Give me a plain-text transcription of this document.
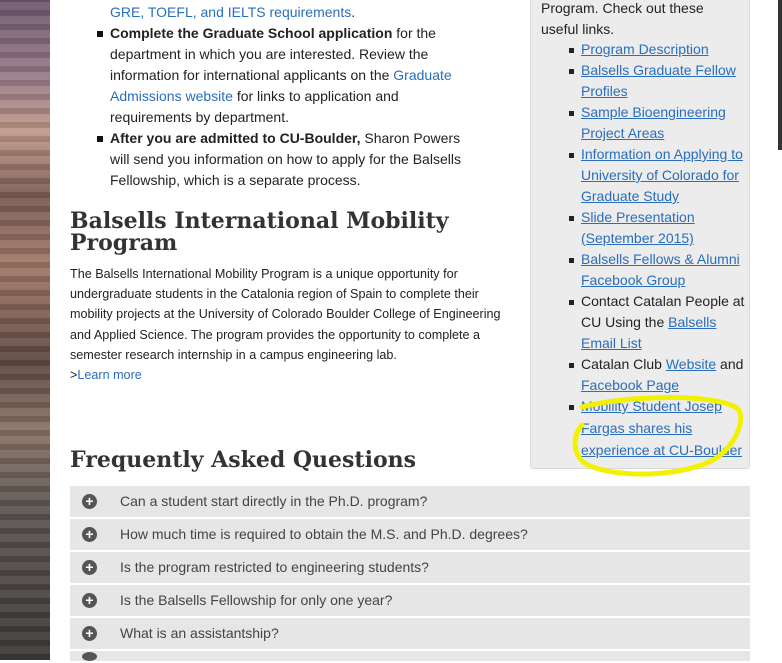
GRE, TOEFL, and IELTS requirements.
Complete the Graduate School application for the department in which you are interested. Review the information for international applicants on the Graduate Admissions website for links to application and requirements by department.
After you are admitted to CU-Boulder, Sharon Powers will send you information on how to apply for the Balsells Fellowship, which is a separate process.
Balsells International Mobility
Program

The Balsells International Mobility Program is a unique opportunity for undergraduate students in the Catalonia region of Spain to complete their mobility projects at the University of Colorado Boulder College of Engineering and Applied Science. The program provides the opportunity to complete a semester research internship in a campus engineering lab.
>Learn more

Frequently Asked Questions
+ Can a student start directly in the Ph.D. program?
+ How much time is required to obtain the M.S. and Ph.D. degrees?
+ Is the program restricted to engineering students?
+ Is the Balsells Fellowship for only one year?
+ What is an assistantship?
Program. Check out these
useful links.
Program Description
Balsells Graduate Fellow Profiles
Sample Bioengineering Project Areas
Information on Applying to University of Colorado for Graduate Study
Slide Presentation (September 2015)
Balsells Fellows & Alumni Facebook Group
Contact Catalan People at CU Using the Balsells Email List
Catalan Club Website and Facebook Page
Mobility Student Josep Fargas shares his experience at CU-Boulder
